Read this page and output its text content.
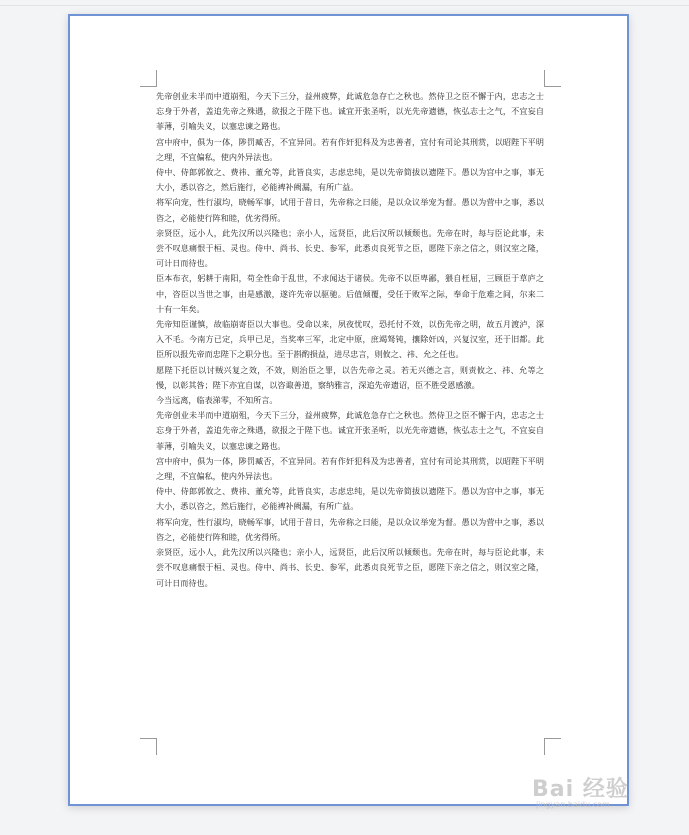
先帝创业未半而中道崩殂，今天下三分，益州疲弊，此诚危急存亡之秋也。然侍卫之臣不懈于内，忠志之士忘身于外者，盖追先帝之殊遇，欲报之于陛下也。诚宜开张圣听，以光先帝遗德，恢弘志士之气，不宜妄自菲薄，引喻失义，以塞忠谏之路也。

宫中府中，俱为一体，陟罚臧否，不宜异同。若有作奸犯科及为忠善者，宜付有司论其刑赏，以昭陛下平明之理，不宜偏私，使内外异法也。

侍中、侍郎郭攸之、费祎、董允等，此皆良实，志虑忠纯，是以先帝简拔以遗陛下。愚以为宫中之事，事无大小，悉以咨之，然后施行，必能裨补阙漏，有所广益。

将军向宠，性行淑均，晓畅军事，试用于昔日，先帝称之曰能，是以众议举宠为督。愚以为营中之事，悉以咨之，必能使行阵和睦，优劣得所。

亲贤臣，远小人，此先汉所以兴隆也；亲小人，远贤臣，此后汉所以倾颓也。先帝在时，每与臣论此事，未尝不叹息痛恨于桓、灵也。侍中、尚书、长史、参军，此悉贞良死节之臣，愿陛下亲之信之，则汉室之隆，可计日而待也。

臣本布衣，躬耕于南阳，苟全性命于乱世，不求闻达于诸侯。先帝不以臣卑鄙，猥自枉屈，三顾臣于草庐之中，咨臣以当世之事，由是感激，遂许先帝以驱驰。后值倾覆，受任于败军之际，奉命于危难之间，尔来二十有一年矣。

先帝知臣谨慎，故临崩寄臣以大事也。受命以来，夙夜忧叹，恐托付不效，以伤先帝之明，故五月渡泸，深入不毛。今南方已定，兵甲已足，当奖率三军，北定中原，庶竭驽钝，攘除奸凶，兴复汉室，还于旧都。此臣所以报先帝而忠陛下之职分也。至于斟酌损益，进尽忠言，则攸之、祎、允之任也。

愿陛下托臣以讨贼兴复之效，不效，则治臣之罪，以告先帝之灵。若无兴德之言，则责攸之、祎、允等之慢，以彰其咎；陛下亦宜自谋，以咨诹善道，察纳雅言，深追先帝遗诏，臣不胜受恩感激。

今当远离，临表涕零，不知所言。

先帝创业未半而中道崩殂，今天下三分，益州疲弊，此诚危急存亡之秋也。然侍卫之臣不懈于内，忠志之士忘身于外者，盖追先帝之殊遇，欲报之于陛下也。诚宜开张圣听，以光先帝遗德，恢弘志士之气，不宜妄自菲薄，引喻失义，以塞忠谏之路也。

宫中府中，俱为一体，陟罚臧否，不宜异同。若有作奸犯科及为忠善者，宜付有司论其刑赏，以昭陛下平明之理，不宜偏私，使内外异法也。

侍中、侍郎郭攸之、费祎、董允等，此皆良实，志虑忠纯，是以先帝简拔以遗陛下。愚以为宫中之事，事无大小，悉以咨之，然后施行，必能裨补阙漏，有所广益。

将军向宠，性行淑均，晓畅军事，试用于昔日，先帝称之曰能，是以众议举宠为督。愚以为营中之事，悉以咨之，必能使行阵和睦，优劣得所。

亲贤臣，远小人，此先汉所以兴隆也；亲小人，远贤臣，此后汉所以倾颓也。先帝在时，每与臣论此事，未尝不叹息痛恨于桓、灵也。侍中、尚书、长史、参军，此悉贞良死节之臣，愿陛下亲之信之，则汉室之隆，可计日而待也。

Bai 经验
jingyan.baidu.com
